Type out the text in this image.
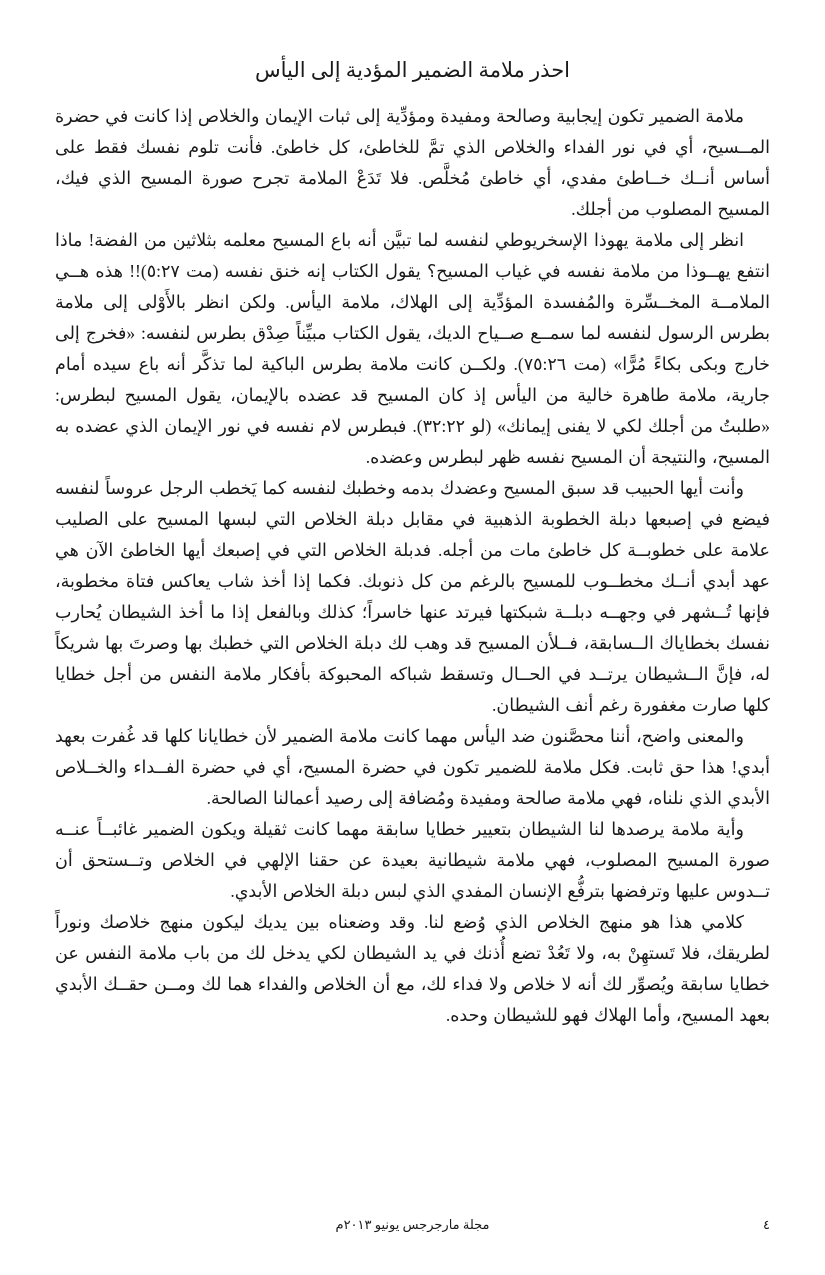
احذر ملامة الضمير المؤدية إلى اليأس

ملامة الضمير تكون إيجابية وصالحة ومفيدة ومؤدِّية إلى ثبات الإيمان والخلاص إذا كانت في حضرة المــسيح، أي في نور الفداء والخلاص الذي تمَّ للخاطئ، كل خاطئ. فأنت تلوم نفسك فقط على أساس أنــك خــاطئ مفدي، أي خاطئ مُخلَّص. فلا تَدَعْ الملامة تجرح صورة المسيح الذي فيك، المسيح المصلوب من أجلك.

انظر إلى ملامة يهوذا الإسخريوطي لنفسه لما تبيَّن أنه باع المسيح معلمه بثلاثين من الفضة! ماذا انتفع يهــوذا من ملامة نفسه في غياب المسيح؟ يقول الكتاب إنه خنق نفسه (مت ٥:٢٧)!! هذه هــي الملامــة المخــسِّرة والمُفسدة المؤدِّية إلى الهلاك، ملامة اليأس. ولكن انظر بالأَوْلى إلى ملامة بطرس الرسول لنفسه لما سمــع صــياح الديك، يقول الكتاب مبيِّناً صِدْق بطرس لنفسه: «فخرج إلى خارج وبكى بكاءً مُرًّا» (مت ٧٥:٢٦). ولكــن كانت ملامة بطرس الباكية لما تذكَّر أنه باع سيده أمام جارية، ملامة طاهرة خالية من اليأس إذ كان المسيح قد عضده بالإيمان، يقول المسيح لبطرس: «طلبتُ من أجلك لكي لا يفنى إيمانك» (لو ٣٢:٢٢). فبطرس لام نفسه في نور الإيمان الذي عضده به المسيح، والنتيجة أن المسيح نفسه ظهر لبطرس وعضده.

وأنت أيها الحبيب قد سبق المسيح وعضدك بدمه وخطبك لنفسه كما يَخطب الرجل عروساً لنفسه فيضع في إصبعها دبلة الخطوبة الذهبية في مقابل دبلة الخلاص التي لبسها المسيح على الصليب علامة على خطوبــة كل خاطئ مات من أجله. فدبلة الخلاص التي في إصبعك أيها الخاطئ الآن هي عهد أبدي أنــك مخطــوب للمسيح بالرغم من كل ذنوبك. فكما إذا أخذ شاب يعاكس فتاة مخطوبة، فإنها تُــشهر في وجهــه دبلــة شبكتها فيرتد عنها خاسراً؛ كذلك وبالفعل إذا ما أخذ الشيطان يُحارب نفسك بخطاياك الــسابقة، فــلأن المسيح قد وهب لك دبلة الخلاص التي خطبك بها وصرتَ بها شريكاً له، فإنَّ الــشيطان يرتــد في الحــال وتسقط شباكه المحبوكة بأفكار ملامة النفس من أجل خطايا كلها صارت مغفورة رغم أنف الشيطان.

والمعنى واضح، أننا محصَّنون ضد اليأس مهما كانت ملامة الضمير لأن خطايانا كلها قد غُفرت بعهد أبدي! هذا حق ثابت. فكل ملامة للضمير تكون في حضرة المسيح، أي في حضرة الفــداء والخــلاص الأبدي الذي نلناه، فهي ملامة صالحة ومفيدة ومُضافة إلى رصيد أعمالنا الصالحة.

وأية ملامة يرصدها لنا الشيطان بتعيير خطايا سابقة مهما كانت ثقيلة ويكون الضمير غائبــاً عنــه صورة المسيح المصلوب، فهي ملامة شيطانية بعيدة عن حقنا الإلهي في الخلاص وتــستحق أن تــدوس عليها وترفضها بترفُّع الإنسان المفدي الذي لبس دبلة الخلاص الأبدي.

كلامي هذا هو منهج الخلاص الذي وُضع لنا. وقد وضعناه بين يديك ليكون منهج خلاصك ونوراً لطريقك، فلا تَستهِنْ به، ولا تَعُدْ تضع أُذنك في يد الشيطان لكي يدخل لك من باب ملامة النفس عن خطايا سابقة ويُصوِّر لك أنه لا خلاص ولا فداء لك، مع أن الخلاص والفداء هما لك ومــن حقــك الأبدي بعهد المسيح، وأما الهلاك فهو للشيطان وحده.

مجلة مارجرجس يونيو ٢٠١٣م	٤
